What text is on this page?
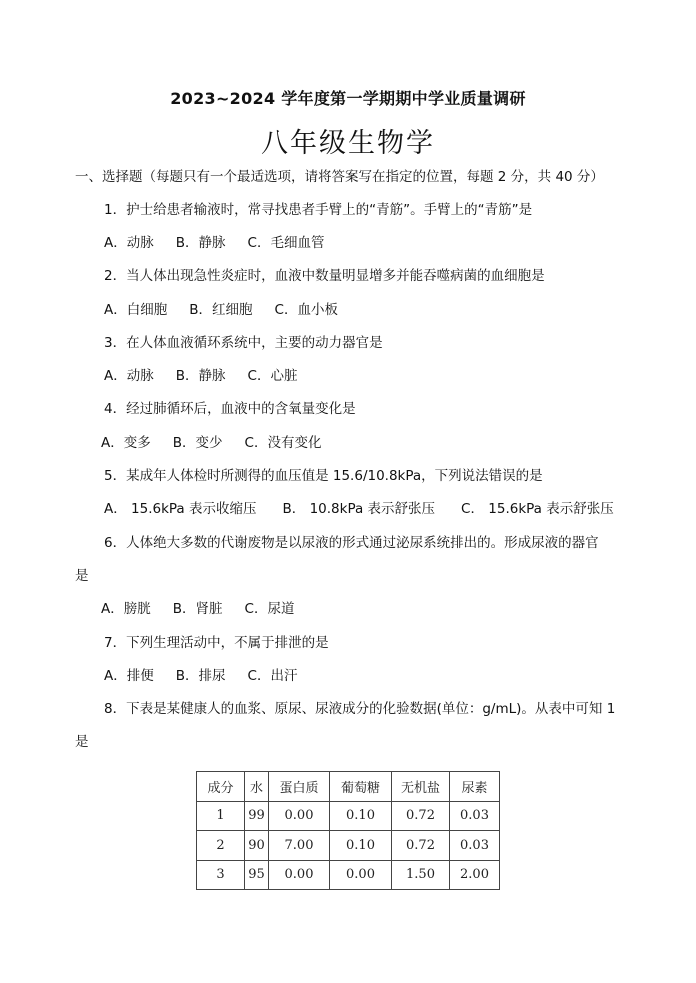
2023~2024 学年度第一学期期中学业质量调研
八年级生物学
一、选择题（每题只有一个最适选项，请将答案写在指定的位置，每题 2 分，共 40 分）
1．护士给患者输液时，常寻找患者手臂上的“青筋”。手臂上的“青筋”是
A．动脉 B．静脉 C．毛细血管
2．当人体出现急性炎症时，血液中数量明显增多并能吞噬病菌的血细胞是
A．白细胞 B．红细胞 C．血小板
3．在人体血液循环系统中，主要的动力器官是
A．动脉 B．静脉 C．心脏
4．经过肺循环后，血液中的含氧量变化是
A．变多 B．变少 C．没有变化
5．某成年人体检时所测得的血压值是 15.6/10.8kPa，下列说法错误的是
A． 15.6kPa 表示收缩压 B． 10.8kPa 表示舒张压 C． 15.6kPa 表示舒张压
6．人体绝大多数的代谢废物是以尿液的形式通过泌尿系统排出的。形成尿液的器官
是
A．膀胱 B．肾脏 C．尿道
7．下列生理活动中，不属于排泄的是
A．排便 B．排尿 C．出汗
8．下表是某健康人的血浆、原尿、尿液成分的化验数据(单位：g/mL)。从表中可知 1
是
成分	水	蛋白质	葡萄糖	无机盐	尿素
1	99	0.00	0.10	0.72	0.03
2	90	7.00	0.10	0.72	0.03
3	95	0.00	0.00	1.50	2.00
